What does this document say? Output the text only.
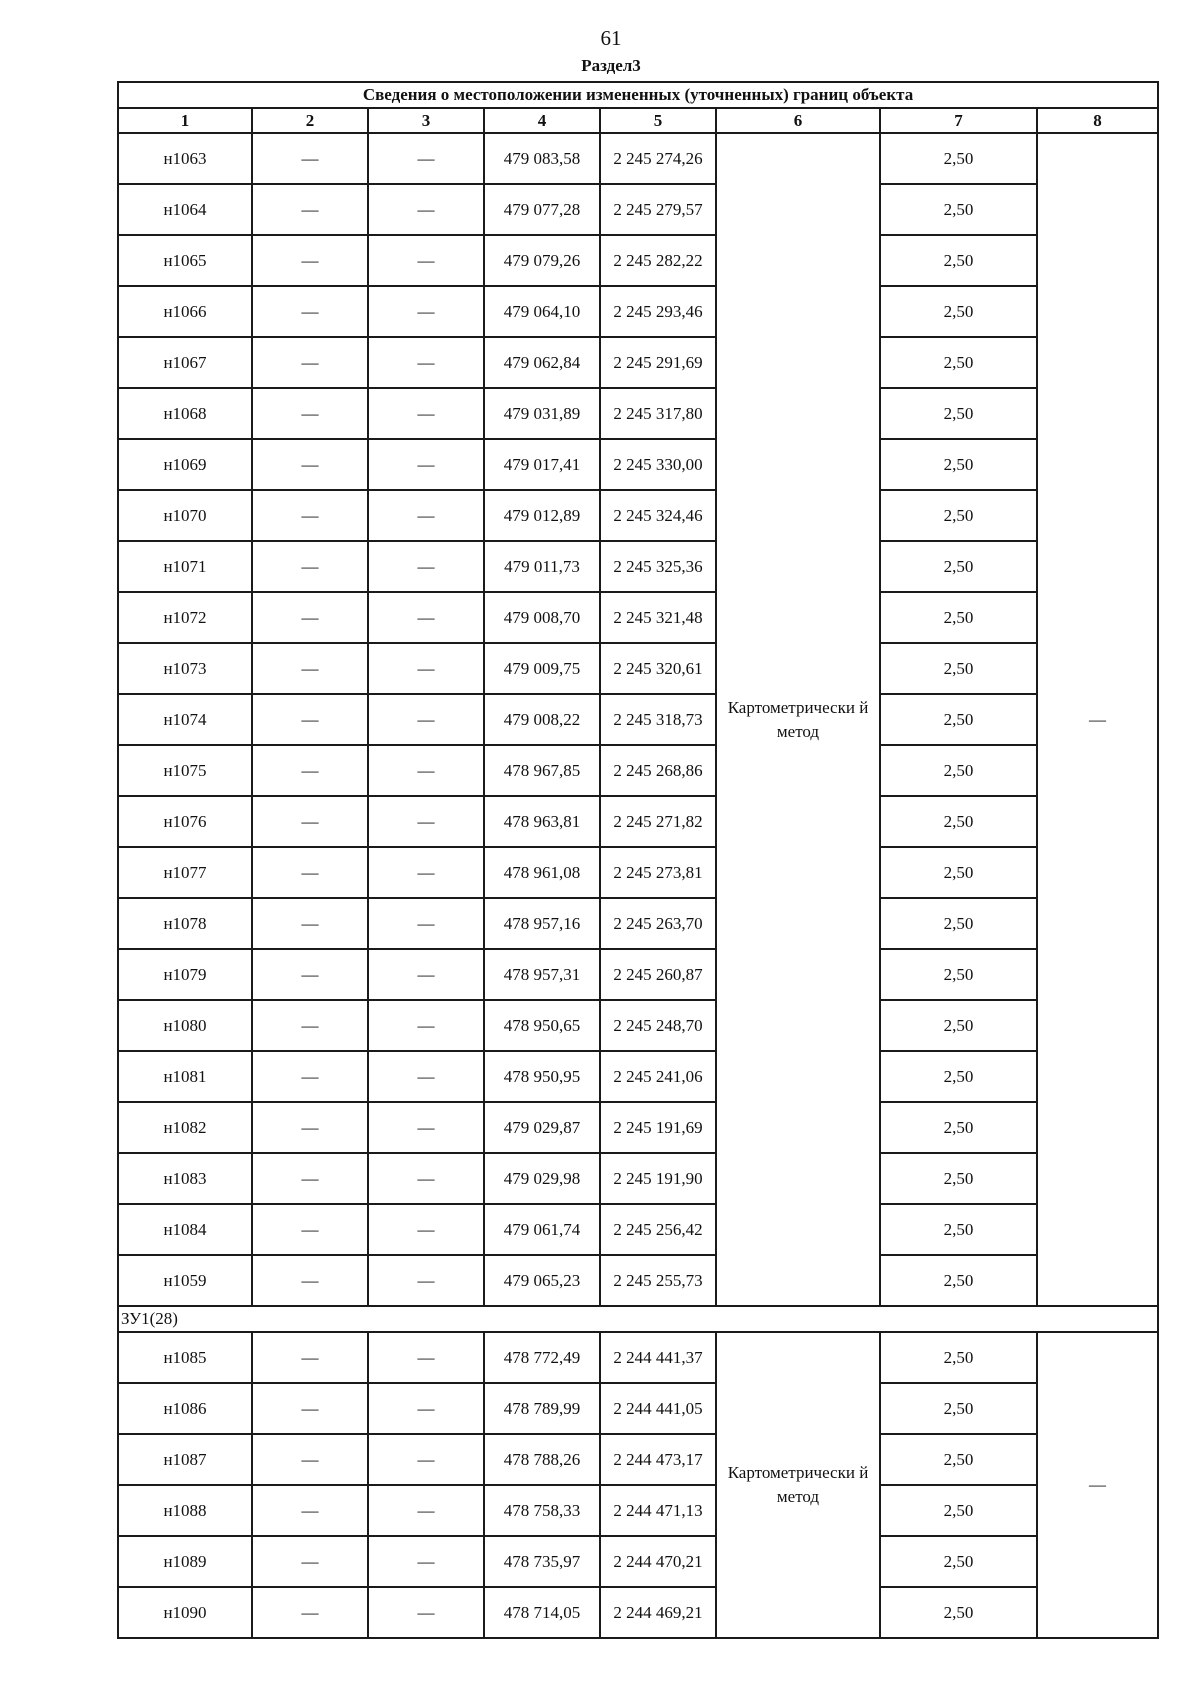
61
Раздел3
Сведения о местоположении измененных (уточненных) границ объекта							
1	2	3	4	5	6	7	8
н1063	—	—	479 083,58	2 245 274,26	Картометрически й метод	2,50	—
н1064	—	—	479 077,28	2 245 279,57		2,50	
н1065	—	—	479 079,26	2 245 282,22		2,50	
н1066	—	—	479 064,10	2 245 293,46		2,50	
н1067	—	—	479 062,84	2 245 291,69		2,50	
н1068	—	—	479 031,89	2 245 317,80		2,50	
н1069	—	—	479 017,41	2 245 330,00		2,50	
н1070	—	—	479 012,89	2 245 324,46		2,50	
н1071	—	—	479 011,73	2 245 325,36		2,50	
н1072	—	—	479 008,70	2 245 321,48		2,50	
н1073	—	—	479 009,75	2 245 320,61		2,50	
н1074	—	—	479 008,22	2 245 318,73		2,50	
н1075	—	—	478 967,85	2 245 268,86		2,50	
н1076	—	—	478 963,81	2 245 271,82		2,50	
н1077	—	—	478 961,08	2 245 273,81		2,50	
н1078	—	—	478 957,16	2 245 263,70		2,50	
н1079	—	—	478 957,31	2 245 260,87		2,50	
н1080	—	—	478 950,65	2 245 248,70		2,50	
н1081	—	—	478 950,95	2 245 241,06		2,50	
н1082	—	—	479 029,87	2 245 191,69		2,50	
н1083	—	—	479 029,98	2 245 191,90		2,50	
н1084	—	—	479 061,74	2 245 256,42		2,50	
н1059	—	—	479 065,23	2 245 255,73		2,50	
ЗУ1(28)							
н1085	—	—	478 772,49	2 244 441,37	Картометрически й метод	2,50	—
н1086	—	—	478 789,99	2 244 441,05		2,50	
н1087	—	—	478 788,26	2 244 473,17		2,50	
н1088	—	—	478 758,33	2 244 471,13		2,50	
н1089	—	—	478 735,97	2 244 470,21		2,50	
н1090	—	—	478 714,05	2 244 469,21		2,50	
